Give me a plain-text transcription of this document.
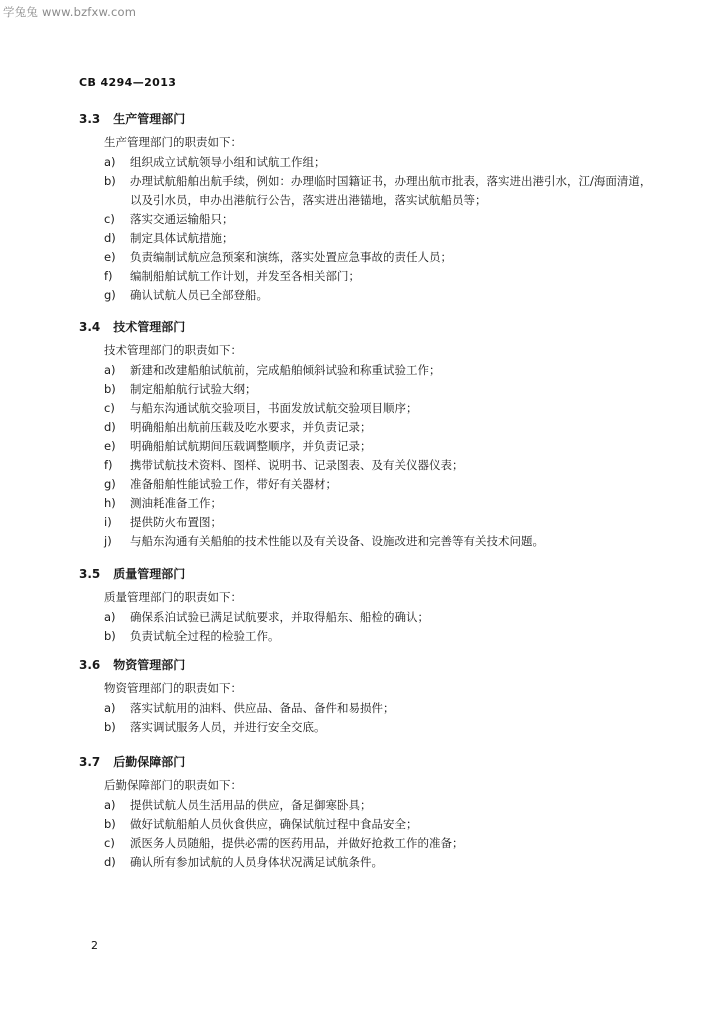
学兔兔 www.bzfxw.com
CB 4294—2013
3.3 生产管理部门
生产管理部门的职责如下：
a)	组织成立试航领导小组和试航工作组；
b)	办理试航船舶出航手续，例如：办理临时国籍证书，办理出航市批表，落实进出港引水，江/海面清道，以及引水员，申办出港航行公告，落实进出港锚地，落实试航船员等；
c)	落实交通运输船只；
d)	制定具体试航措施；
e)	负责编制试航应急预案和演练，落实处置应急事故的责任人员；
f)	编制船舶试航工作计划，并发至各相关部门；
g)	确认试航人员已全部登船。
3.4 技术管理部门
技术管理部门的职责如下：
a)	新建和改建船舶试航前，完成船舶倾斜试验和称重试验工作；
b)	制定船舶航行试验大纲；
c)	与船东沟通试航交验项目，书面发放试航交验项目顺序；
d)	明确船舶出航前压载及吃水要求，并负责记录；
e)	明确船舶试航期间压载调整顺序，并负责记录；
f)	携带试航技术资料、图样、说明书、记录图表、及有关仪器仪表；
g)	准备船舶性能试验工作，带好有关器材；
h)	测油耗准备工作；
i)	提供防火布置图；
j)	与船东沟通有关船舶的技术性能以及有关设备、设施改进和完善等有关技术问题。
3.5 质量管理部门
质量管理部门的职责如下：
a)	确保系泊试验已满足试航要求，并取得船东、船检的确认；
b)	负责试航全过程的检验工作。
3.6 物资管理部门
物资管理部门的职责如下：
a)	落实试航用的油料、供应品、备品、备件和易损件；
b)	落实调试服务人员，并进行安全交底。
3.7 后勤保障部门
后勤保障部门的职责如下：
a)	提供试航人员生活用品的供应，备足御寒卧具；
b)	做好试航船舶人员伙食供应，确保试航过程中食品安全；
c)	派医务人员随船，提供必需的医药用品，并做好抢救工作的准备；
d)	确认所有参加试航的人员身体状况满足试航条件。
2
